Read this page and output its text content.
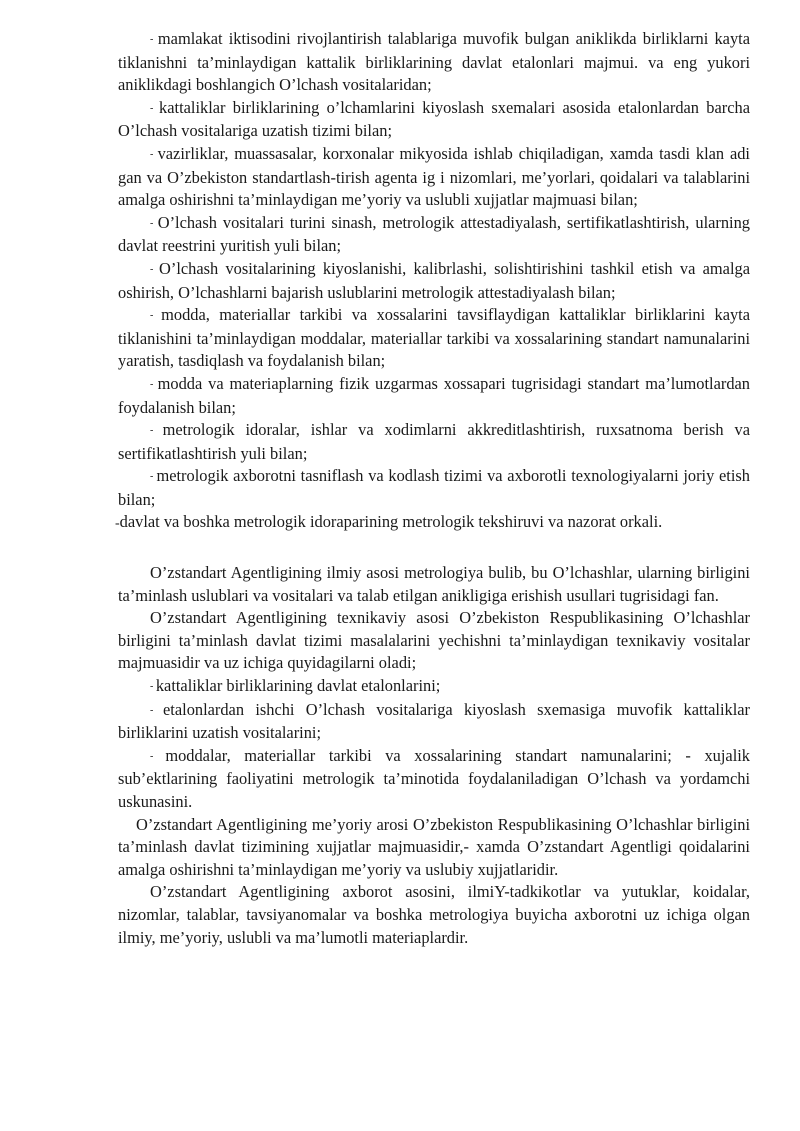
- mamlakat iktisodini rivojlantirish talablariga muvofik bulgan aniklikda birliklarni kayta tiklanishni ta’minlaydigan kattalik birliklarining davlat etalonlari majmui. va eng yukori aniklikdagi boshlangich O’lchash vositalaridan;

- kattaliklar birliklarining o’lchamlarini kiyoslash sxemalari asosida etalonlardan barcha O’lchash vositalariga uzatish tizimi bilan;

- vazirliklar, muassasalar, korxonalar mikyosida ishlab chiqiladigan, xamda tasdi klan adi gan va O’zbekiston standartlash-tirish agenta ig i nizomlari, me’yorlari, qoidalari va talablarini amalga oshirishni ta’minlaydigan me’yoriy va uslubli xujjatlar majmuasi bilan;

- O’lchash vositalari turini sinash, metrologik attestadiyalash, sertifikatlashtirish, ularning davlat reestrini yuritish yuli bilan;

- O’lchash vositalarining kiyoslanishi, kalibrlashi, solishtirishini tashkil etish va amalga oshirish, O’lchashlarni bajarish uslublarini metrologik attestadiyalash bilan;

- modda, materiallar tarkibi va xossalarini tavsiflaydigan kattaliklar birliklarini kayta tiklanishini ta’minlaydigan moddalar, materiallar tarkibi va xossalarining standart namunalarini yaratish, tasdiqlash va foydalanish bilan;

- modda va materiaplarning fizik uzgarmas xossapari tugrisidagi standart ma’lumotlardan foydalanish bilan;

- metrologik idoralar, ishlar va xodimlarni akkreditlashtirish, ruxsatnoma berish va sertifikatlashtirish yuli bilan;

- metrologik axborotni tasniflash va kodlash tizimi va axborotli texnologiyalarni joriy etish bilan;

- davlat va boshka metrologik idoraparining metrologik tekshiruvi va nazorat orkali.

O’zstandart Agentligining ilmiy asosi metrologiya bulib, bu O’lchashlar, ularning birligini ta’minlash uslublari va vositalari va talab etilgan anikligiga erishish usullari tugrisidagi fan.

O’zstandart Agentligining texnikaviy asosi O’zbekiston Respublikasining O’lchashlar birligini ta’minlash davlat tizimi masalalarini yechishni ta’minlaydigan texnikaviy vositalar majmuasidir va uz ichiga quyidagilarni oladi;

- kattaliklar birliklarining davlat etalonlarini;

- etalonlardan ishchi O’lchash vositalariga kiyoslash sxemasiga muvofik kattaliklar birliklarini uzatish vositalarini;

- moddalar, materiallar tarkibi va xossalarining standart namunalarini; - xujalik sub’ektlarining faoliyatini metrologik ta’minotida foydalaniladigan O’lchash va yordamchi uskunasini.

O’zstandart Agentligining me’yoriy arosi O’zbekiston Respublikasining O’lchashlar birligini ta’minlash davlat tizimining xujjatlar majmuasidir,- xamda O’zstandart Agentligi qoidalarini amalga oshirishni ta’minlaydigan me’yoriy va uslubiy xujjatlaridir.

O’zstandart Agentligining axborot asosini, ilmiY-tadkikotlar va yutuklar, koidalar, nizomlar, talablar, tavsiyanomalar va boshka metrologiya buyicha axborotni uz ichiga olgan ilmiy, me’yoriy, uslubli va ma’lumotli materiaplardir.
